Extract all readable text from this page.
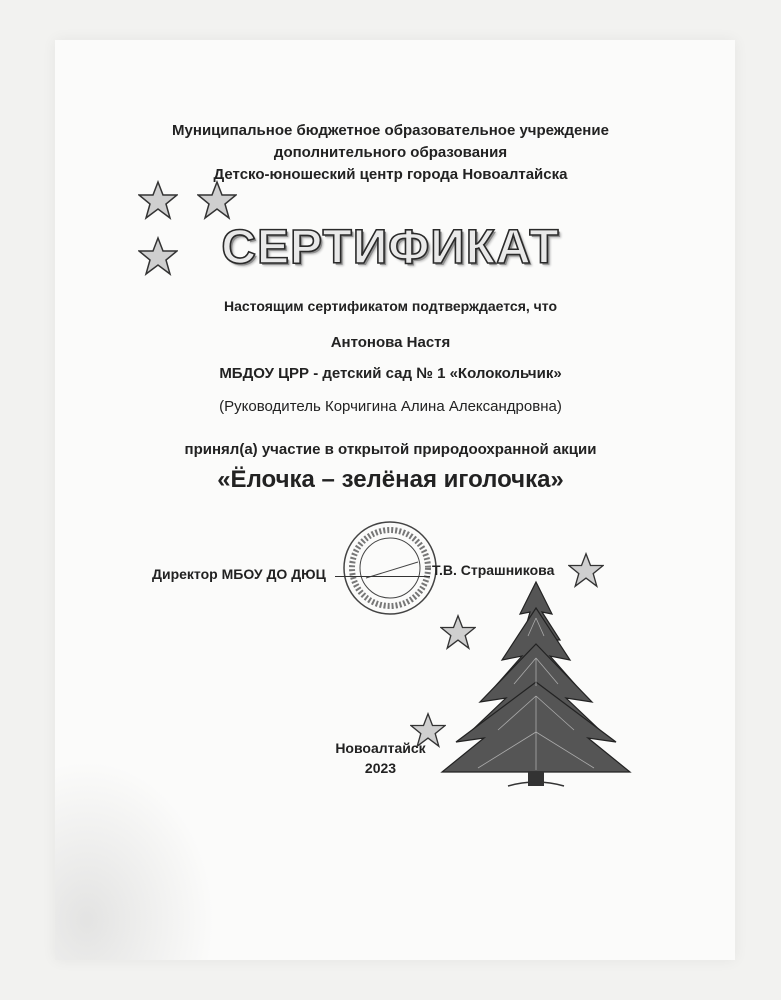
Муниципальное бюджетное образовательное учреждение
дополнительного образования
Детско-юношеский центр города Новоалтайска
СЕРТИФИКАТ
Настоящим сертификатом подтверждается, что
Антонова Настя
МБДОУ ЦРР - детский сад № 1 «Колокольчик»
(Руководитель Корчигина Алина Александровна)
принял(а) участие в открытой природоохранной акции
«Ёлочка – зелёная иголочка»
Директор МБОУ ДО ДЮЦ	Т.В. Страшникова
Новоалтайск
2023
